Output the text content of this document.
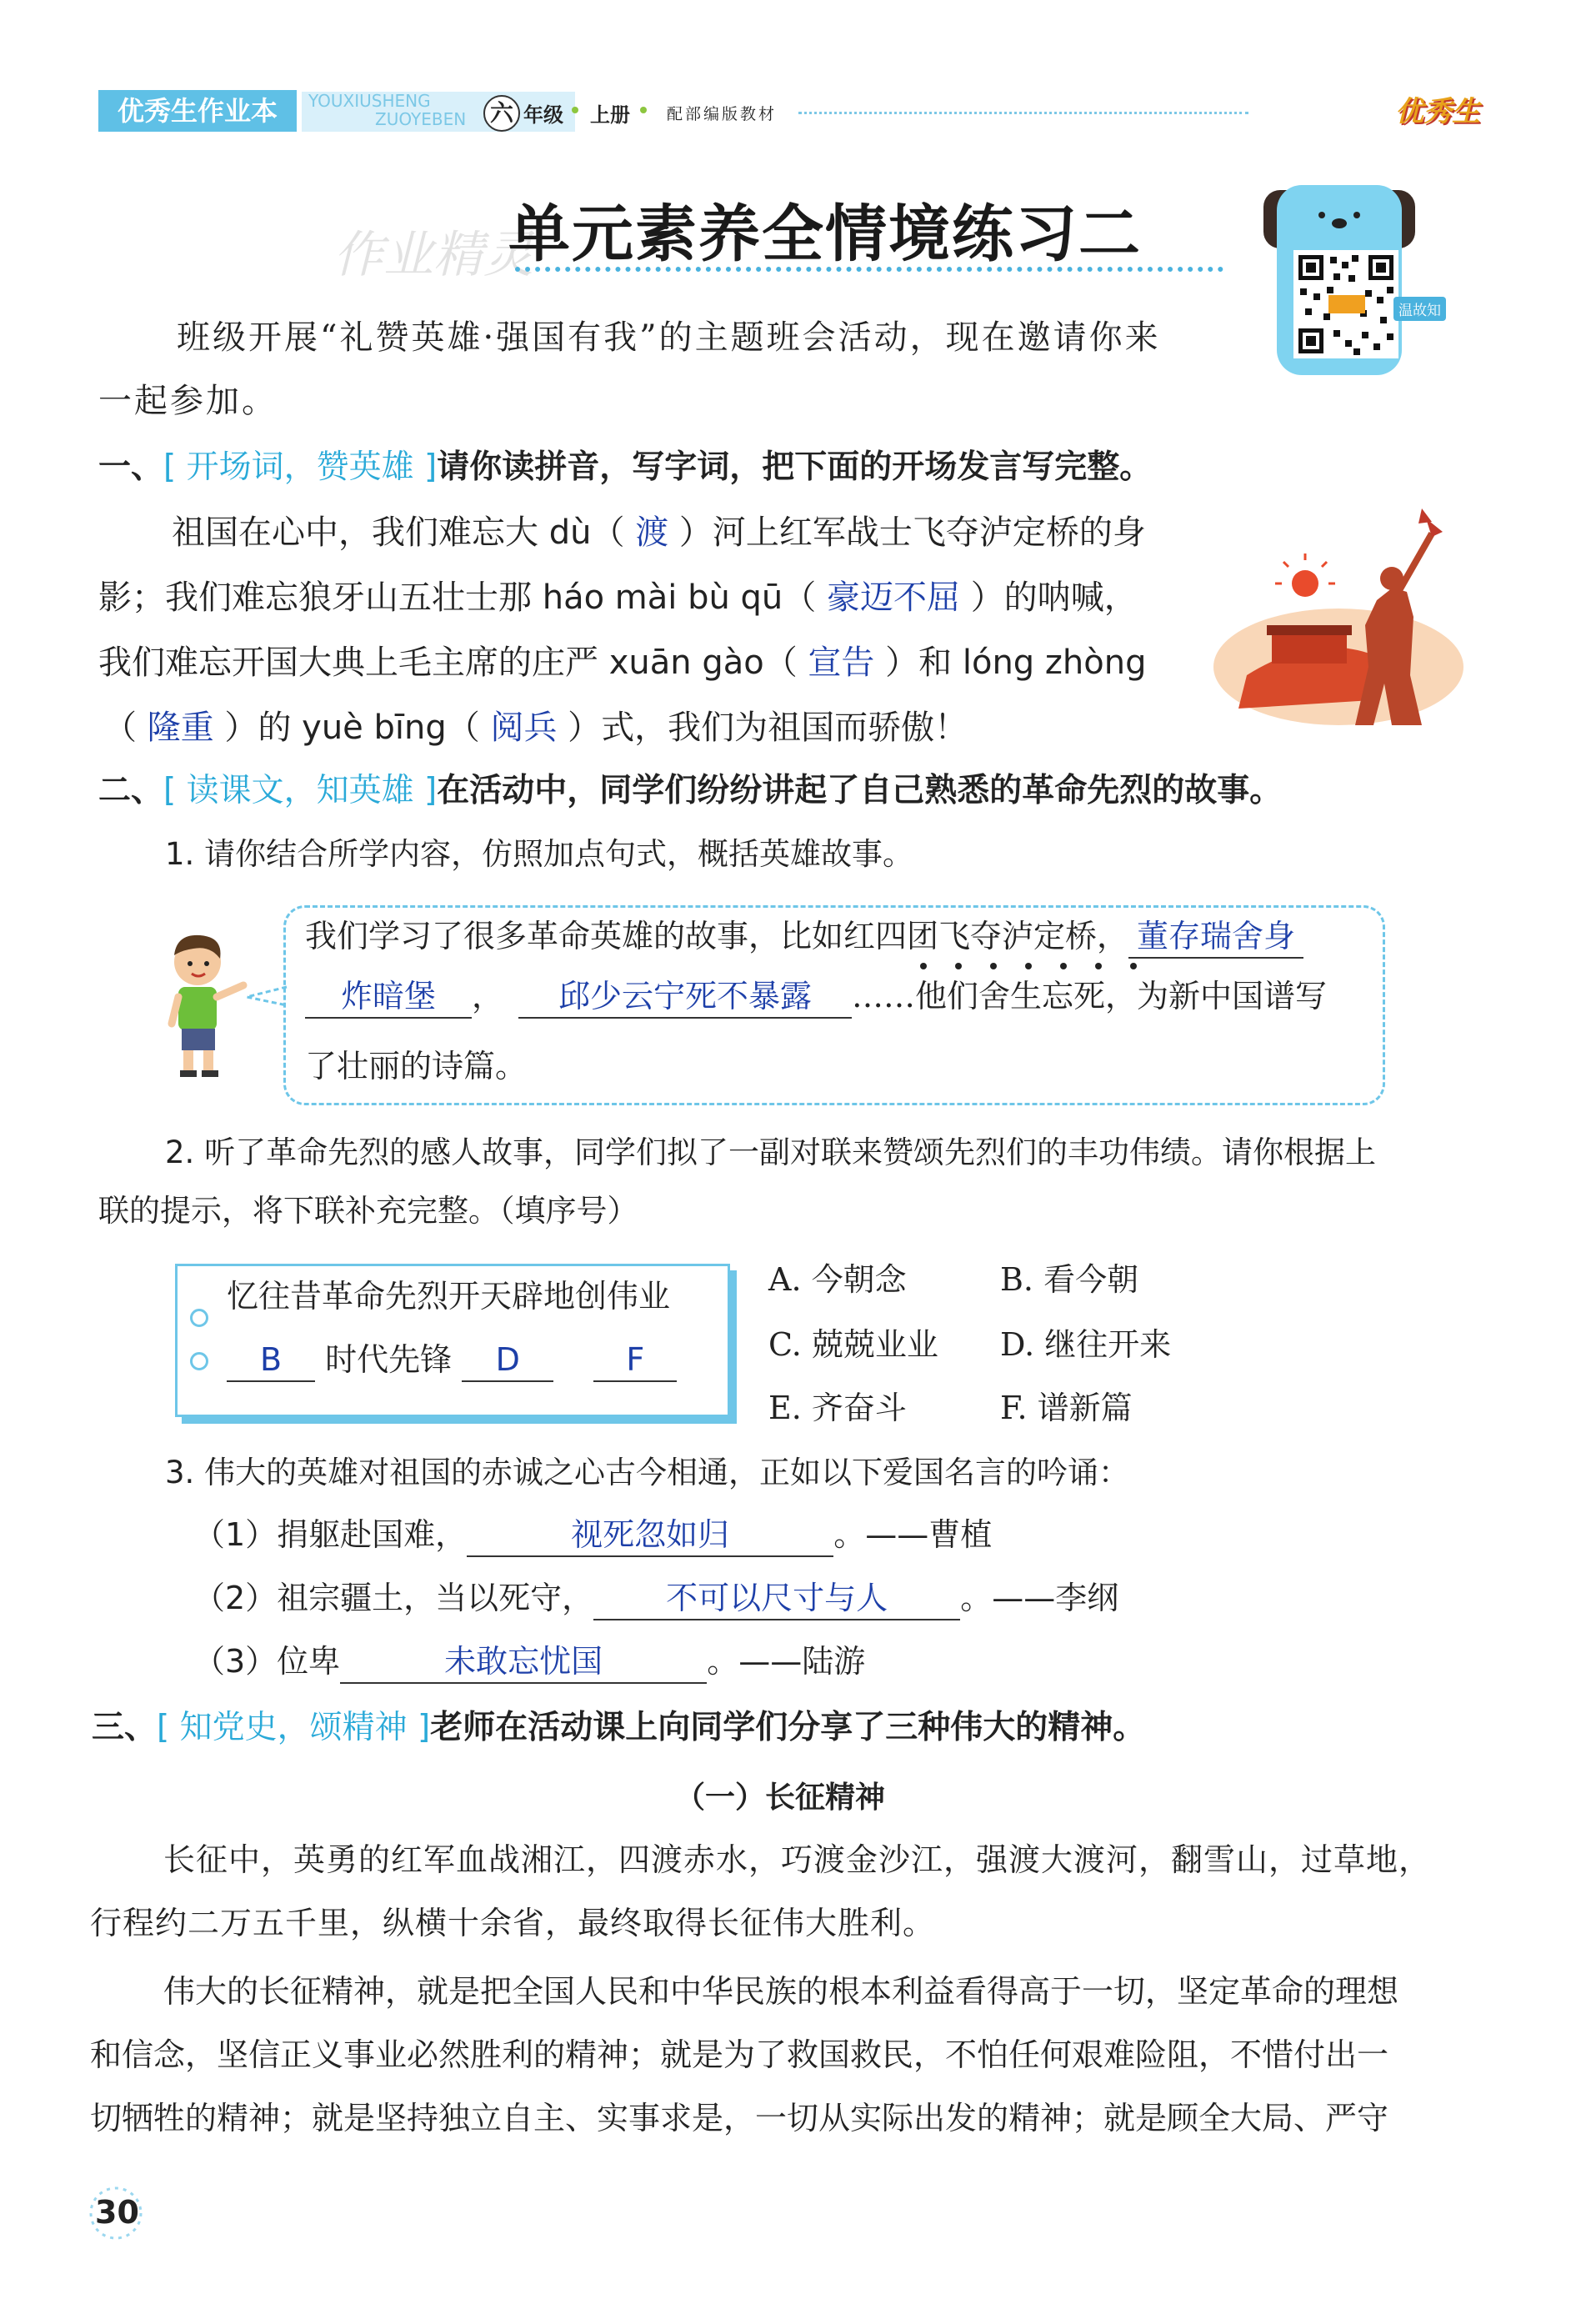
优秀生作业本	YOUXIUSHENG
ZUOYEBEN	六 年级 上册 配部编版教材	优秀生
作业精灵
单元素养全情境练习二
温故知
班级开展“礼赞英雄·强国有我”的主题班会活动，现在邀请你来
一起参加。
一、[ 开场词，赞英雄 ]请你读拼音，写字词，把下面的开场发言写完整。
祖国在心中，我们难忘大 dù（ 渡 ）河上红军战士飞夺泸定桥的身
影；我们难忘狼牙山五壮士那 háo mài bù qū（ 豪迈不屈 ）的呐喊，
我们难忘开国大典上毛主席的庄严 xuān gào（ 宣告 ）和 lóng zhòng
（ 隆重 ）的 yuè bīng（ 阅兵 ）式，我们为祖国而骄傲！
二、[ 读课文，知英雄 ]在活动中，同学们纷纷讲起了自己熟悉的革命先烈的故事。
1. 请你结合所学内容，仿照加点句式，概括英雄故事。
我们学习了很多革命英雄的故事，比如红四团飞夺泸定桥， 董存瑞舍身
炸暗堡 ， 邱少云宁死不暴露 ……他们舍生忘死，为新中国谱写
了壮丽的诗篇。
2. 听了革命先烈的感人故事，同学们拟了一副对联来赞颂先烈们的丰功伟绩。请你根据上
联的提示，将下联补充完整。（填序号）
忆往昔革命先烈开天辟地创伟业
B 时代先锋 D	F
A. 今朝念	B. 看今朝
C. 兢兢业业 D. 继往开来
E. 齐奋斗	F. 谱新篇
3. 伟大的英雄对祖国的赤诚之心古今相通，正如以下爱国名言的吟诵：
（1）捐躯赴国难，	视死忽如归	。——曹植
（2）祖宗疆土，当以死守， 不可以尺寸与人 。——李纲
（3）位卑	未敢忘忧国	。——陆游
三、[ 知党史，颂精神 ]老师在活动课上向同学们分享了三种伟大的精神。
（一）长征精神
长征中，英勇的红军血战湘江，四渡赤水，巧渡金沙江，强渡大渡河，翻雪山，过草地，
行程约二万五千里，纵横十余省，最终取得长征伟大胜利。
伟大的长征精神，就是把全国人民和中华民族的根本利益看得高于一切，坚定革命的理想
和信念，坚信正义事业必然胜利的精神；就是为了救国救民，不怕任何艰难险阻，不惜付出一
切牺牲的精神；就是坚持独立自主、实事求是，一切从实际出发的精神；就是顾全大局、严守
30
